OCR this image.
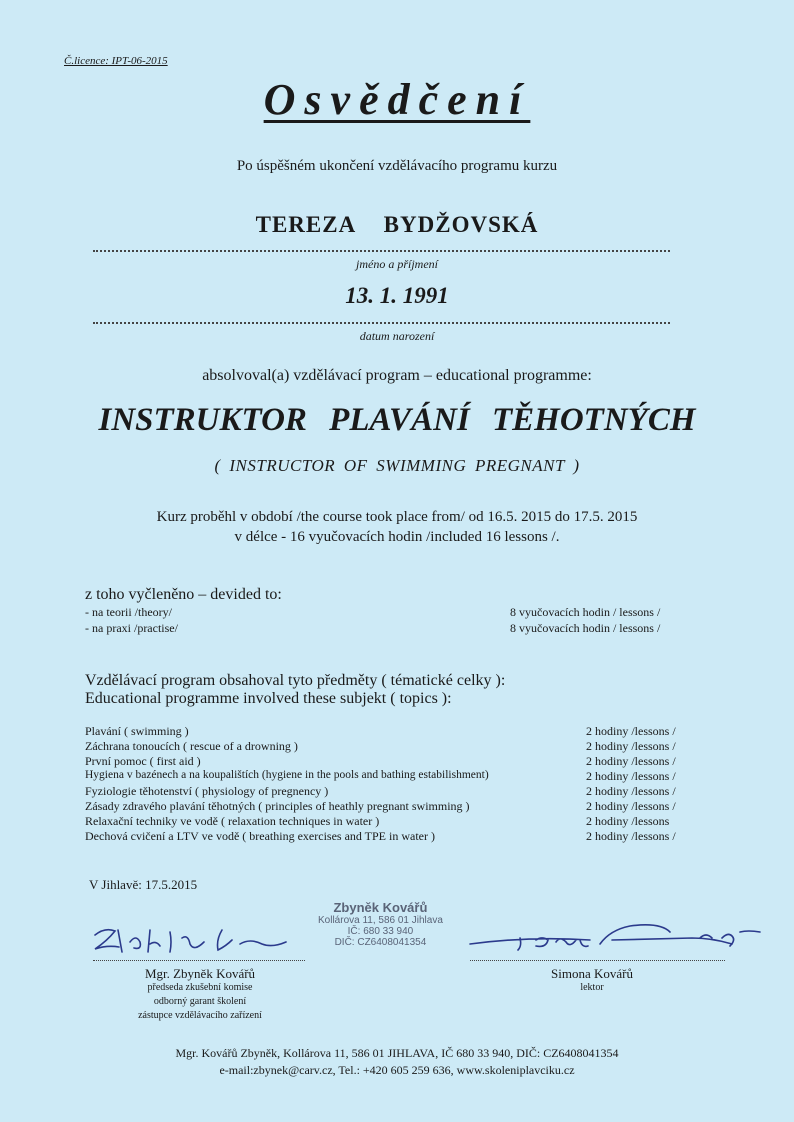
Č.licence: IPT-06-2015
Osvědčení
Po úspěšném ukončení vzdělávacího programu kurzu
TEREZA BYDŽOVSKÁ
jméno a příjmení
13. 1. 1991
datum narození
absolvoval(a) vzdělávací program – educational programme:
INSTRUKTOR PLAVÁNÍ TĚHOTNÝCH
( INSTRUCTOR OF SWIMMING PREGNANT )
Kurz proběhl v období /the course took place from/ od 16.5. 2015 do 17.5. 2015
v délce - 16 vyučovacích hodin /included 16 lessons /.
z toho vyčleněno – devided to:
- na teorii /theory/	8 vyučovacích hodin / lessons /
- na praxi /practise/	8 vyučovacích hodin / lessons /
Vzdělávací program obsahoval tyto předměty ( tématické celky ):
Educational programme involved these subjekt ( topics ):
Plavání ( swimming )	2 hodiny /lessons /
Záchrana tonoucích ( rescue of a drowning )	2 hodiny /lessons /
První pomoc ( first aid )	2 hodiny /lessons /
Hygiena v bazénech a na koupalištích (hygiene in the pools and bathing estabilishment)	2 hodiny /lessons /
Fyziologie těhotenství ( physiology of pregnency )	2 hodiny /lessons /
Zásady zdravého plavání těhotných ( principles of heathly pregnant swimming )	2 hodiny /lessons /
Relaxační techniky ve vodě ( relaxation techniques in water )	2 hodiny /lessons
Dechová cvičení a LTV ve vodě ( breathing exercises and TPE in water )	2 hodiny /lessons /
V Jihlavě: 17.5.2015
Zbyněk Kovářů
Kollárova 11, 586 01 Jihlava
IČ: 680 33 940
DIČ: CZ6408041354
Mgr. Zbyněk Kovářů
předseda zkušební komise
odborný garant školení
zástupce vzdělávacího zařízení
Simona Kovářů
lektor
Mgr. Kovářů Zbyněk, Kollárova 11, 586 01 JIHLAVA, IČ 680 33 940, DIČ: CZ6408041354
e-mail:zbynek@carv.cz, Tel.: +420 605 259 636, www.skoleniplavciku.cz
